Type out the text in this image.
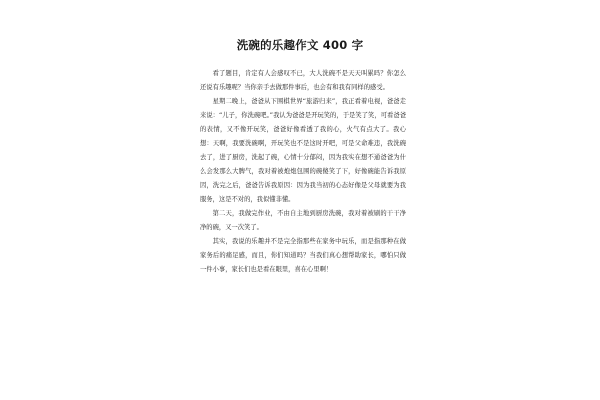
洗碗的乐趣作文 400 字

看了题目，肯定有人会感叹不已，大人洗碗不是天天叫累吗？你怎么还说有乐趣呢？当你亲手去做那件事后，也会有和我有同样的感受。

星期二晚上，爸爸从下围棋世界“旅游归来”，我正看着电视，爸爸走来说：“儿子，你洗碗吧。”我认为爸爸是开玩笑的，于是笑了笑，可看爸爸的表情，又不像开玩笑，爸爸好像看透了我的心，火气有点大了。我心想：天啊，我要洗碗啊，开玩笑也不是这时开吧，可是父命难违，我洗碗去了，进了厨房，洗起了碗，心情十分郁闷，因为我实在想不通爸爸为什么会发那么大脾气，我对着被炮炮包围的碗傻笑了下，好像碗能告诉我原因，洗完之后，爸爸告诉我原因：因为我当初的心态好像是父母就要为我服务，这是不对的，我似懂非懂。

第二天，我做完作业，不由自主地到厨房洗碗，我对着被刷的干干净净的碗，又一次笑了。

其实，我说的乐趣并不是完全指那些在家务中玩乐，而是指那种在做家务后的痛足感，而且，你们知道吗？当我们真心想帮助家长，哪怕只做一件小事，家长们也是看在眼里，喜在心里啊！
